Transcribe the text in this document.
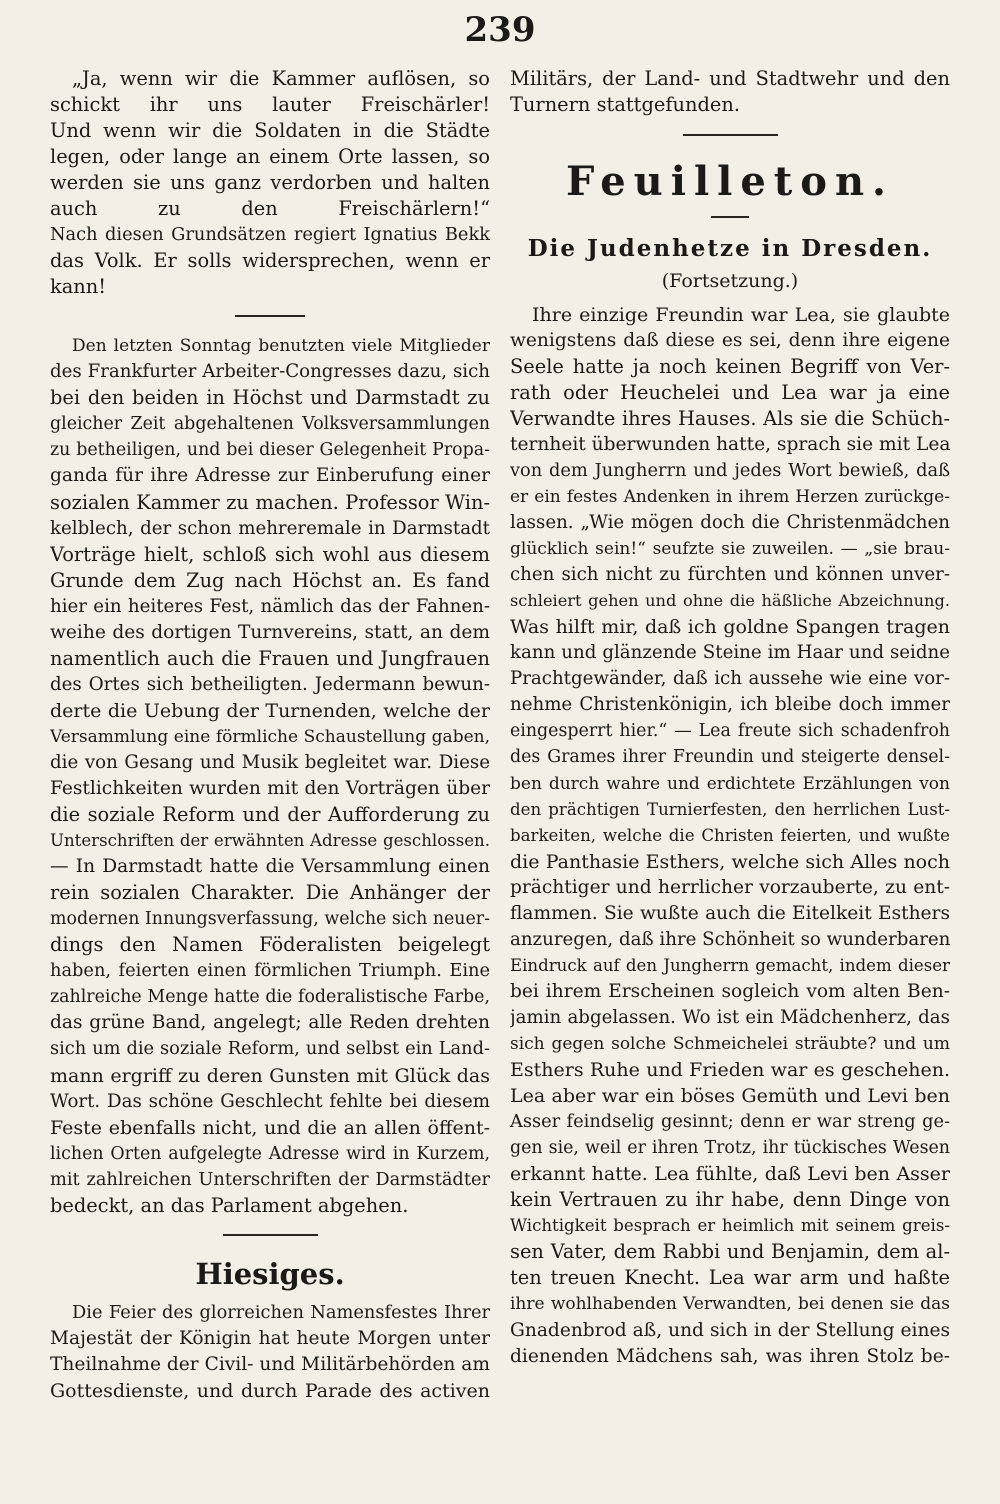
239
„Ja, wenn wir die Kammer auflösen, so
schickt ihr uns lauter Freischärler!
Und wenn wir die Soldaten in die Städte
legen, oder lange an einem Orte lassen, so
werden sie uns ganz verdorben und halten
auch zu den Freischärlern!“
Nach diesen Grundsätzen regiert Ignatius Bekk
das Volk. Er solls widersprechen, wenn er
kann!
Den letzten Sonntag benutzten viele Mitglieder
des Frankfurter Arbeiter-Congresses dazu, sich
bei den beiden in Höchst und Darmstadt zu
gleicher Zeit abgehaltenen Volksversammlungen
zu betheiligen, und bei dieser Gelegenheit Propa-
ganda für ihre Adresse zur Einberufung einer
sozialen Kammer zu machen. Professor Win-
kelblech, der schon mehreremale in Darmstadt
Vorträge hielt, schloß sich wohl aus diesem
Grunde dem Zug nach Höchst an. Es fand
hier ein heiteres Fest, nämlich das der Fahnen-
weihe des dortigen Turnvereins, statt, an dem
namentlich auch die Frauen und Jungfrauen
des Ortes sich betheiligten. Jedermann bewun-
derte die Uebung der Turnenden, welche der
Versammlung eine förmliche Schaustellung gaben,
die von Gesang und Musik begleitet war. Diese
Festlichkeiten wurden mit den Vorträgen über
die soziale Reform und der Aufforderung zu
Unterschriften der erwähnten Adresse geschlossen.
— In Darmstadt hatte die Versammlung einen
rein sozialen Charakter. Die Anhänger der
modernen Innungsverfassung, welche sich neuer-
dings den Namen Föderalisten beigelegt
haben, feierten einen förmlichen Triumph. Eine
zahlreiche Menge hatte die foderalistische Farbe,
das grüne Band, angelegt; alle Reden drehten
sich um die soziale Reform, und selbst ein Land-
mann ergriff zu deren Gunsten mit Glück das
Wort. Das schöne Geschlecht fehlte bei diesem
Feste ebenfalls nicht, und die an allen öffent-
lichen Orten aufgelegte Adresse wird in Kurzem,
mit zahlreichen Unterschriften der Darmstädter
bedeckt, an das Parlament abgehen.
Hiesiges.
Die Feier des glorreichen Namensfestes Ihrer
Majestät der Königin hat heute Morgen unter
Theilnahme der Civil- und Militärbehörden am
Gottesdienste, und durch Parade des activen
Militärs, der Land- und Stadtwehr und den
Turnern stattgefunden.
Feuilleton.
Die Judenhetze in Dresden.
(Fortsetzung.)
Ihre einzige Freundin war Lea, sie glaubte
wenigstens daß diese es sei, denn ihre eigene
Seele hatte ja noch keinen Begriff von Ver-
rath oder Heuchelei und Lea war ja eine
Verwandte ihres Hauses. Als sie die Schüch-
ternheit überwunden hatte, sprach sie mit Lea
von dem Jungherrn und jedes Wort bewieß, daß
er ein festes Andenken in ihrem Herzen zurückge-
lassen. „Wie mögen doch die Christenmädchen
glücklich sein!“ seufzte sie zuweilen. — „sie brau-
chen sich nicht zu fürchten und können unver-
schleiert gehen und ohne die häßliche Abzeichnung.
Was hilft mir, daß ich goldne Spangen tragen
kann und glänzende Steine im Haar und seidne
Prachtgewänder, daß ich aussehe wie eine vor-
nehme Christenkönigin, ich bleibe doch immer
eingesperrt hier.“ — Lea freute sich schadenfroh
des Grames ihrer Freundin und steigerte densel-
ben durch wahre und erdichtete Erzählungen von
den prächtigen Turnierfesten, den herrlichen Lust-
barkeiten, welche die Christen feierten, und wußte
die Panthasie Esthers, welche sich Alles noch
prächtiger und herrlicher vorzauberte, zu ent-
flammen. Sie wußte auch die Eitelkeit Esthers
anzuregen, daß ihre Schönheit so wunderbaren
Eindruck auf den Jungherrn gemacht, indem dieser
bei ihrem Erscheinen sogleich vom alten Ben-
jamin abgelassen. Wo ist ein Mädchenherz, das
sich gegen solche Schmeichelei sträubte? und um
Esthers Ruhe und Frieden war es geschehen.
Lea aber war ein böses Gemüth und Levi ben
Asser feindselig gesinnt; denn er war streng ge-
gen sie, weil er ihren Trotz, ihr tückisches Wesen
erkannt hatte. Lea fühlte, daß Levi ben Asser
kein Vertrauen zu ihr habe, denn Dinge von
Wichtigkeit besprach er heimlich mit seinem greis-
sen Vater, dem Rabbi und Benjamin, dem al-
ten treuen Knecht. Lea war arm und haßte
ihre wohlhabenden Verwandten, bei denen sie das
Gnadenbrod aß, und sich in der Stellung eines
dienenden Mädchens sah, was ihren Stolz be-
